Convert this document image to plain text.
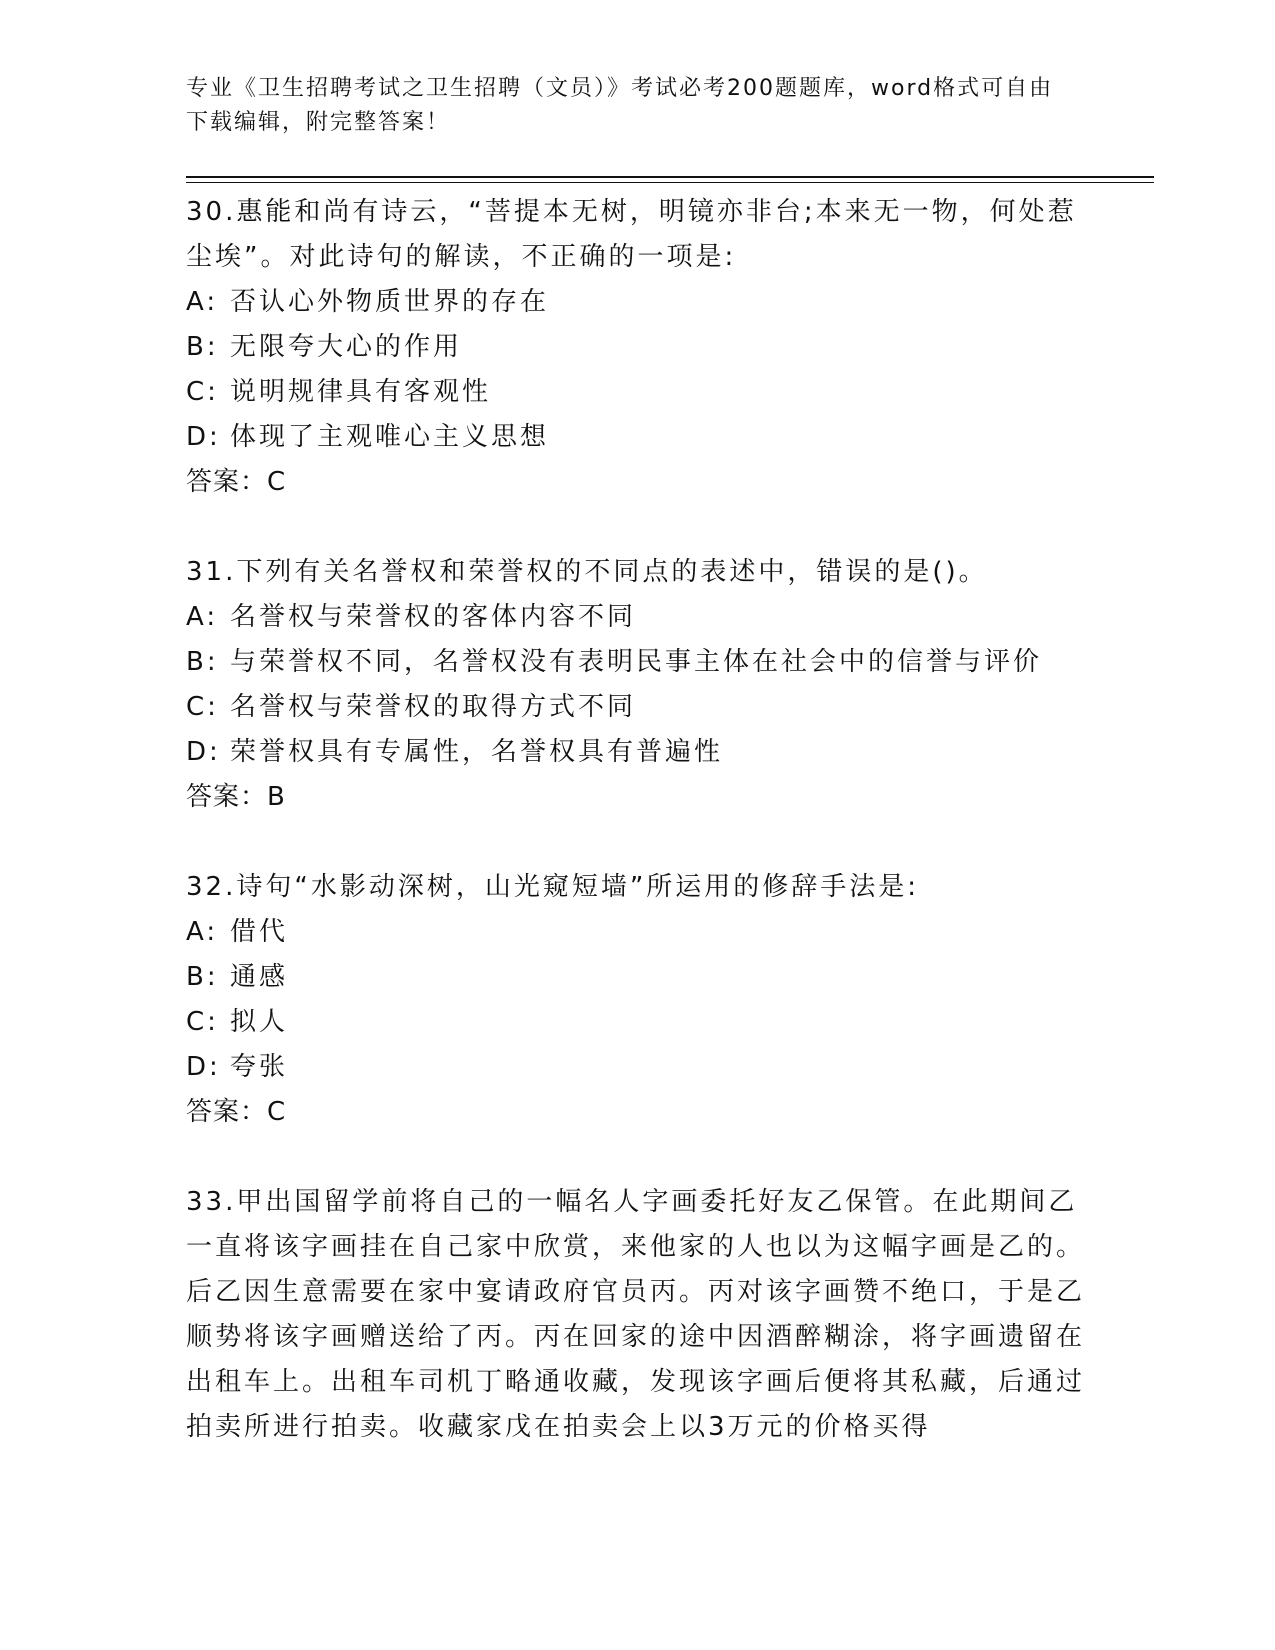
专业《卫生招聘考试之卫生招聘（文员）》考试必考200题题库，word格式可自由下载编辑，附完整答案！

30.惠能和尚有诗云，“菩提本无树，明镜亦非台;本来无一物，何处惹尘埃”。对此诗句的解读，不正确的一项是:

A: 否认心外物质世界的存在

B: 无限夸大心的作用

C: 说明规律具有客观性

D: 体现了主观唯心主义思想

答案：C

31.下列有关名誉权和荣誉权的不同点的表述中，错误的是()。

A: 名誉权与荣誉权的客体内容不同

B: 与荣誉权不同，名誉权没有表明民事主体在社会中的信誉与评价

C: 名誉权与荣誉权的取得方式不同

D: 荣誉权具有专属性，名誉权具有普遍性

答案：B

32.诗句“水影动深树，山光窥短墙”所运用的修辞手法是:

A: 借代

B: 通感

C: 拟人

D: 夸张

答案：C

33.甲出国留学前将自己的一幅名人字画委托好友乙保管。在此期间乙一直将该字画挂在自己家中欣赏，来他家的人也以为这幅字画是乙的。后乙因生意需要在家中宴请政府官员丙。丙对该字画赞不绝口，于是乙顺势将该字画赠送给了丙。丙在回家的途中因酒醉糊涂，将字画遗留在出租车上。出租车司机丁略通收藏，发现该字画后便将其私藏，后通过拍卖所进行拍卖。收藏家戊在拍卖会上以3万元的价格买得
